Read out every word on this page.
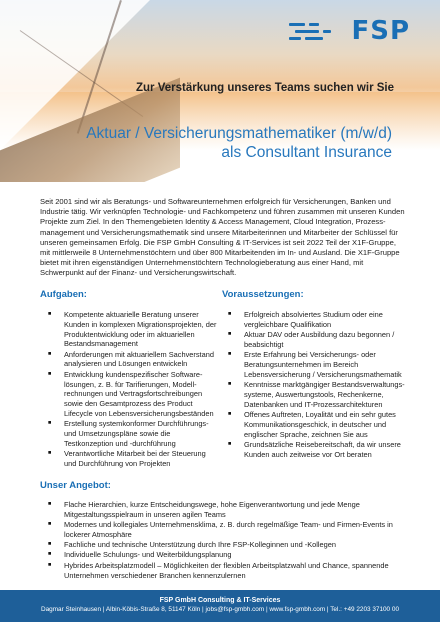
FSP
Zur Verstärkung unseres Teams suchen wir Sie
Aktuar / Versicherungsmathematiker (m/w/d)
als Consultant Insurance

Seit 2001 sind wir als Beratungs- und Softwareunternehmen erfolgreich für Versicherungen, Banken und Industrie tätig. Wir verknüpfen Technologie- und Fachkompetenz und führen zusammen mit unseren Kunden Projekte zum Ziel. In den Themengebieten Identity & Access Management, Cloud Integration, Prozess-management und Versicherungsmathematik sind unsere Mitarbeiterinnen und Mitarbeiter der Schlüssel für unseren gemeinsamen Erfolg. Die FSP GmbH Consulting & IT-Services ist seit 2022 Teil der X1F-Gruppe, mit mittlerweile 8 Unternehmenstöchtern und über 800 Mitarbeitenden im In- und Ausland. Die X1F-Gruppe bietet mit ihren eigenständigen Unternehmenstöchtern Technologieberatung aus einer Hand, mit Schwerpunkt auf der Finanz- und Versicherungswirtschaft.

Aufgaben:
■ Kompetente aktuarielle Beratung unserer Kunden in komplexen Migrationsprojekten, der Produktentwicklung oder im aktuariellen Bestandsmanagement
■ Anforderungen mit aktuariellem Sachverstand analysieren und Lösungen entwickeln
■ Entwicklung kundenspezifischer Software-lösungen, z. B. für Tarifierungen, Modell-rechnungen und Vertragsfortschreibungen sowie den Gesamtprozess des Product Lifecycle von Lebensversicherungsbeständen
■ Erstellung systemkonformer Durchführungs- und Umsetzungspläne sowie die Testkonzeption und -durchführung
■ Verantwortliche Mitarbeit bei der Steuerung und Durchführung von Projekten
Voraussetzungen:
■ Erfolgreich absolviertes Studium oder eine vergleichbare Qualifikation
■ Aktuar DAV oder Ausbildung dazu begonnen / beabsichtigt
■ Erste Erfahrung bei Versicherungs- oder Beratungsunternehmen im Bereich Lebensversicherung / Versicherungsmathematik
■ Kenntnisse marktgängiger Bestandsverwaltungs-systeme, Auswertungstools, Rechenkerne, Datenbanken und IT-Prozessarchitekturen
■ Offenes Auftreten, Loyalität und ein sehr gutes Kommunikationsgeschick, in deutscher und englischer Sprache, zeichnen Sie aus
■ Grundsätzliche Reisebereitschaft, da wir unsere Kunden auch zeitweise vor Ort beraten
Unser Angebot:
■ Flache Hierarchien, kurze Entscheidungswege, hohe Eigenverantwortung und jede Menge Mitgestaltungsspielraum in unseren agilen Teams
■ Modernes und kollegiales Unternehmensklima, z. B. durch regelmäßige Team- und Firmen-Events in lockerer Atmosphäre
■ Fachliche und technische Unterstützung durch Ihre FSP-Kolleginnen und -Kollegen
■ Individuelle Schulungs- und Weiterbildungsplanung
■ Hybrides Arbeitsplatzmodell – Möglichkeiten der flexiblen Arbeitsplatzwahl und Chance, spannende Unternehmen verschiedener Branchen kennenzulernen
FSP GmbH Consulting & IT-Services
Dagmar Steinhausen | Albin-Köbis-Straße 8, 51147 Köln | jobs@fsp-gmbh.com | www.fsp-gmbh.com | Tel.: +49 2203 37100 00
